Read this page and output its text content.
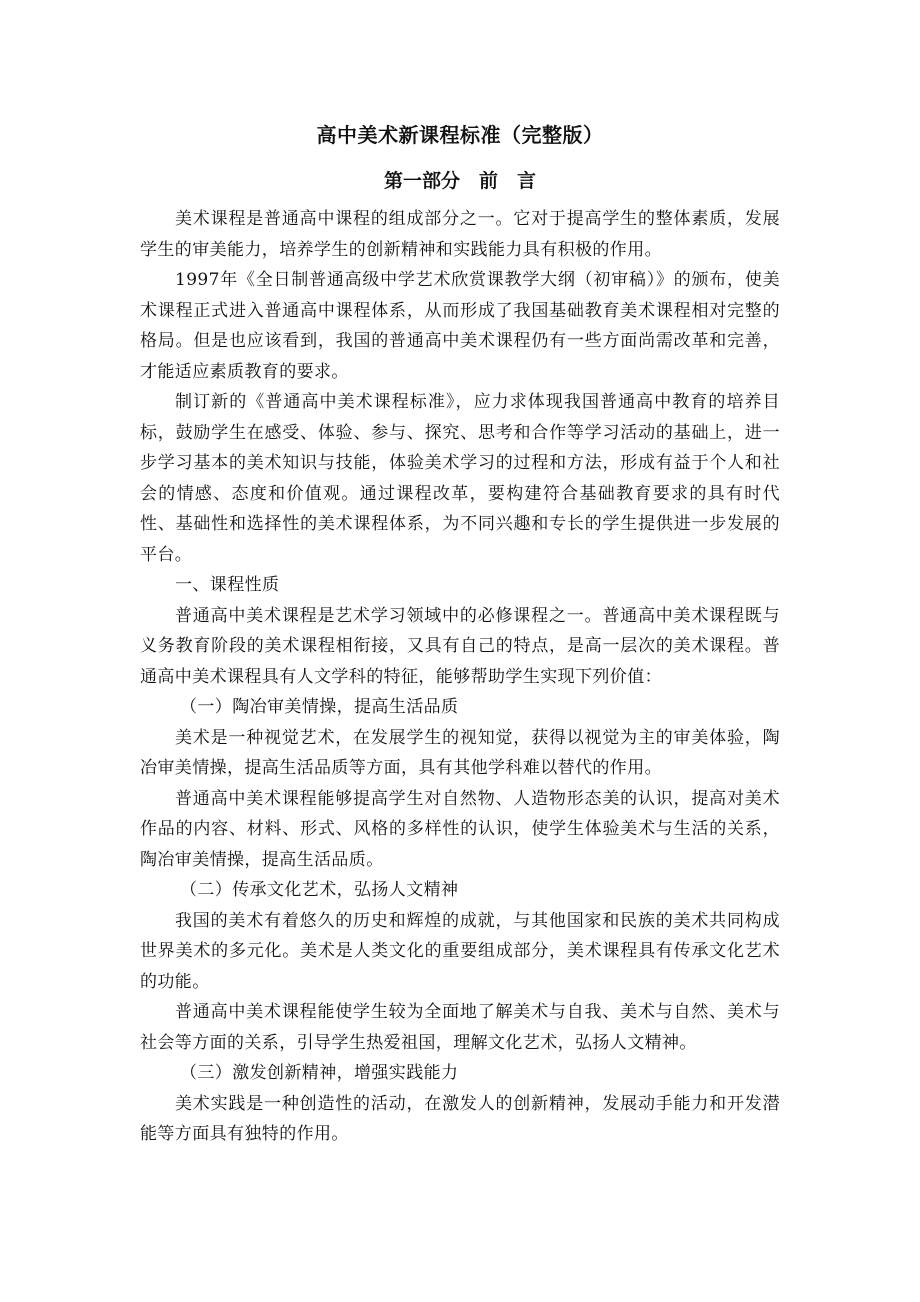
高中美术新课程标准（完整版）
第一部分　前　言

美术课程是普通高中课程的组成部分之一。它对于提高学生的整体素质，发展学生的审美能力，培养学生的创新精神和实践能力具有积极的作用。

1997年《全日制普通高级中学艺术欣赏课教学大纲（初审稿）》的颁布，使美术课程正式进入普通高中课程体系，从而形成了我国基础教育美术课程相对完整的格局。但是也应该看到，我国的普通高中美术课程仍有一些方面尚需改革和完善，才能适应素质教育的要求。

制订新的《普通高中美术课程标准》，应力求体现我国普通高中教育的培养目标，鼓励学生在感受、体验、参与、探究、思考和合作等学习活动的基础上，进一步学习基本的美术知识与技能，体验美术学习的过程和方法，形成有益于个人和社会的情感、态度和价值观。通过课程改革，要构建符合基础教育要求的具有时代性、基础性和选择性的美术课程体系，为不同兴趣和专长的学生提供进一步发展的平台。

一、课程性质

普通高中美术课程是艺术学习领域中的必修课程之一。普通高中美术课程既与义务教育阶段的美术课程相衔接，又具有自己的特点，是高一层次的美术课程。普通高中美术课程具有人文学科的特征，能够帮助学生实现下列价值：

（一）陶冶审美情操，提高生活品质

美术是一种视觉艺术，在发展学生的视知觉，获得以视觉为主的审美体验，陶冶审美情操，提高生活品质等方面，具有其他学科难以替代的作用。

普通高中美术课程能够提高学生对自然物、人造物形态美的认识，提高对美术作品的内容、材料、形式、风格的多样性的认识，使学生体验美术与生活的关系，陶冶审美情操，提高生活品质。

（二）传承文化艺术，弘扬人文精神

我国的美术有着悠久的历史和辉煌的成就，与其他国家和民族的美术共同构成世界美术的多元化。美术是人类文化的重要组成部分，美术课程具有传承文化艺术的功能。

普通高中美术课程能使学生较为全面地了解美术与自我、美术与自然、美术与社会等方面的关系，引导学生热爱祖国，理解文化艺术，弘扬人文精神。

（三）激发创新精神，增强实践能力

美术实践是一种创造性的活动，在激发人的创新精神，发展动手能力和开发潜能等方面具有独特的作用。
